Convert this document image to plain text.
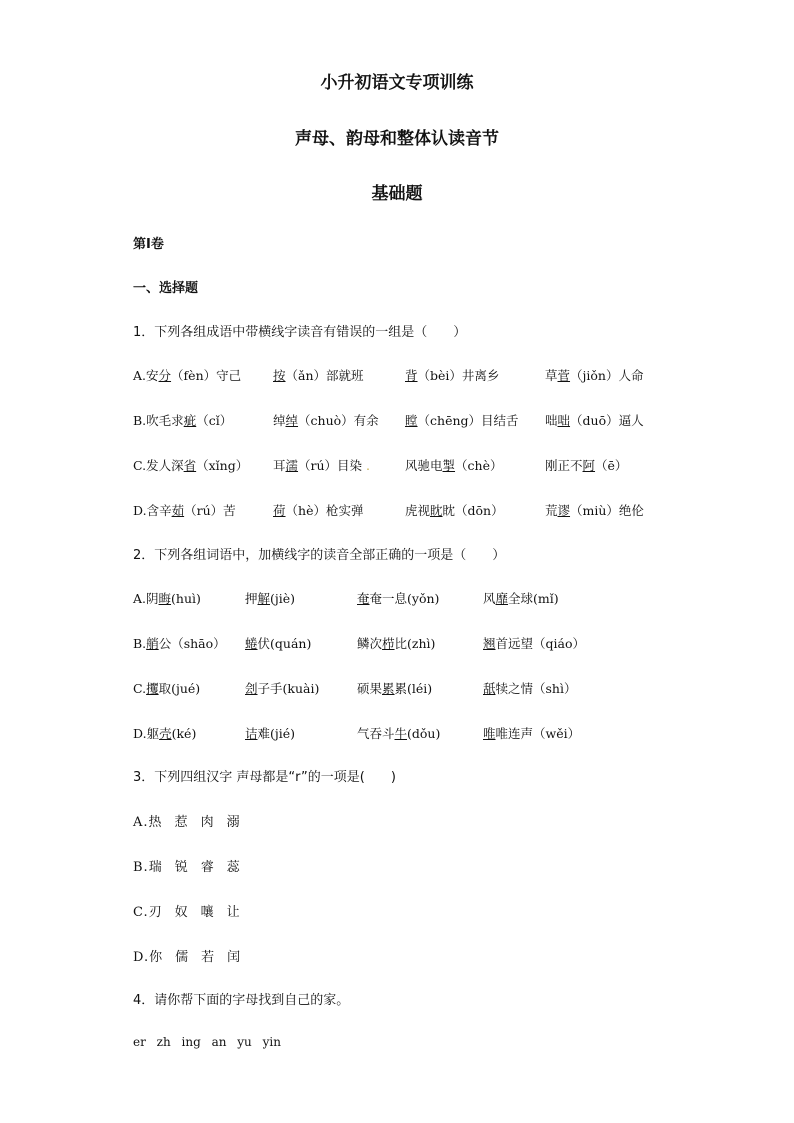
小升初语文专项训练
声母、韵母和整体认读音节
基础题
第Ⅰ卷
一、选择题
1．下列各组成语中带横线字读音有错误的一组是（　　）
A.安分（fèn）守己	按（ǎn）部就班	背（bèi）井离乡	草菅（jiǒn）人命
B.吹毛求疵（cǐ）	绰绰（chuò）有余 瞠（chēng）目结舌 咄咄（duō）逼人
C.发人深省（xǐng） 耳濡（rú）目染 .	风驰电掣（chè）	刚正不阿（ē）
D.含辛茹（rú）苦	荷（hè）枪实弹	虎视眈眈（dōn）	荒谬（miù）绝伦
2．下列各组词语中，加横线字的读音全部正确的一项是（　　）
A.阴晦(huì)	押解(jiè)	奄奄一息(yǒn)	风靡全球(mǐ)
B.艄公（shāo） 蜷伏(quán)	鳞次栉比(zhì)	翘首远望（qiáo）
C.攫取(jué)	刽子手(kuài)	硕果累累(léi)	舐犊之情（shì）
D.躯壳(ké)	诘难(jié)	气吞斗牛(dǒu)	唯唯连声（wěi）
3．下列四组汉字 声母都是“r”的一项是(　　)
A.热 惹 肉 溺
B.瑞 锐 睿 蕊
C.刃 奴 嚷 让
D.你 儒 若 闰
4．请你帮下面的字母找到自己的家。
er zh ing an yu yin
